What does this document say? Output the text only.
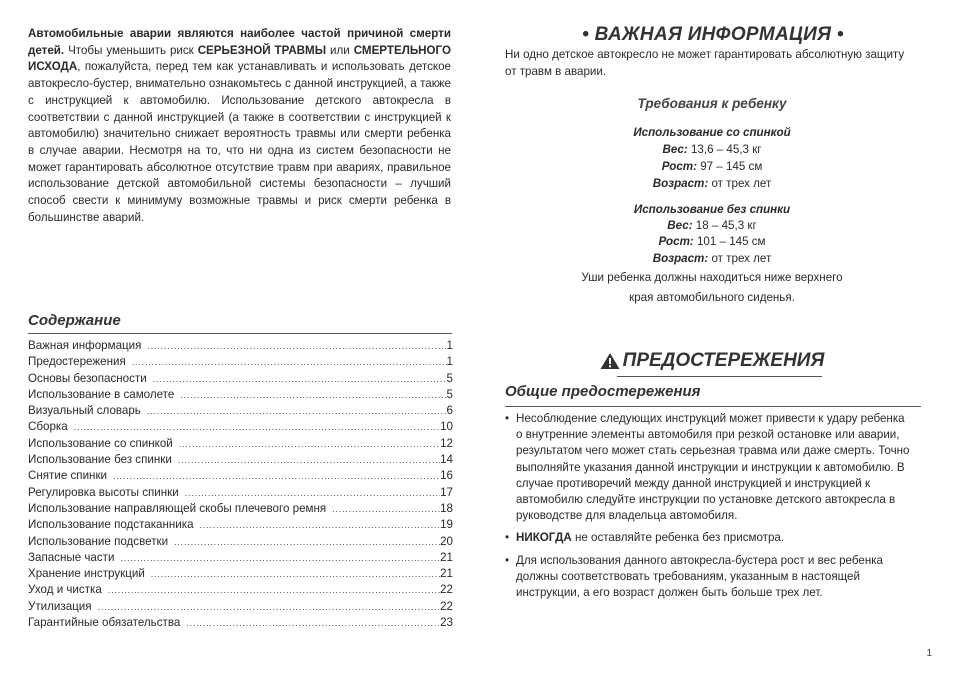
Автомобильные аварии являются наиболее частой причиной смерти детей. Чтобы уменьшить риск СЕРЬЕЗНОЙ ТРАВМЫ или СМЕРТЕЛЬНОГО ИСХОДА, пожалуйста, перед тем как устанавливать и использовать детское автокресло-бустер, внимательно ознакомьтесь с данной инструкцией, а также с инструкцией к автомобилю. Использование детского автокресла в соответствии с данной инструкцией (а также в соответствии с инструкцией к автомобилю) значительно снижает вероятность травмы или смерти ребенка в случае аварии. Несмотря на то, что ни одна из систем безопасности не может гарантировать абсолютное отсутствие травм при авариях, правильное использование детской автомобильной системы безопасности – лучший способ свести к минимуму возможные травмы и риск смерти ребенка в большинстве аварий.

Содержание
Важная информация .....	1
Предостережения .....	1
Основы безопасности .....	5
Использование в самолете .....	5
Визуальный словарь .....	6
Сборка .....	10
Использование со спинкой .....	12
Использование без спинки .....	14
Снятие спинки .....	16
Регулировка высоты спинки .....	17
Использование направляющей скобы плечевого ремня .....	18
Использование подстаканника .....	19
Использование подсветки .....	20
Запасные части .....	21
Хранение инструкций .....	21
Уход и чистка .....	22
Утилизация .....	22
Гарантийные обязательства .....	23
• ВАЖНАЯ ИНФОРМАЦИЯ •

Ни одно детское автокресло не может гарантировать абсолютную защиту от травм в аварии.

Требования к ребенку
Использование со спинкой
Вес: 13,6 – 45,3 кг
Рост: 97 – 145 см
Возраст: от трех лет
Использование без спинки
Вес: 18 – 45,3 кг
Рост: 101 – 145 см
Возраст: от трех лет
Уши ребенка должны находиться ниже верхнего
края автомобильного сиденья.
ПРЕДОСТЕРЕЖЕНИЯ
Общие предостережения
• Несоблюдение следующих инструкций может привести к удару ребенка о внутренние элементы автомобиля при резкой остановке или аварии, результатом чего может стать серьезная травма или даже смерть. Точно выполняйте указания данной инструкции и инструкции к автомобилю. В случае противоречий между данной инструкцией и инструкцией к автомобилю следуйте инструкции по установке детского автокресла в руководстве для владельца автомобиля.
• НИКОГДА не оставляйте ребенка без присмотра.
• Для использования данного автокресла-бустера рост и вес ребенка должны соответствовать требованиям, указанным в настоящей инструкции, а его возраст должен быть больше трех лет.
1
